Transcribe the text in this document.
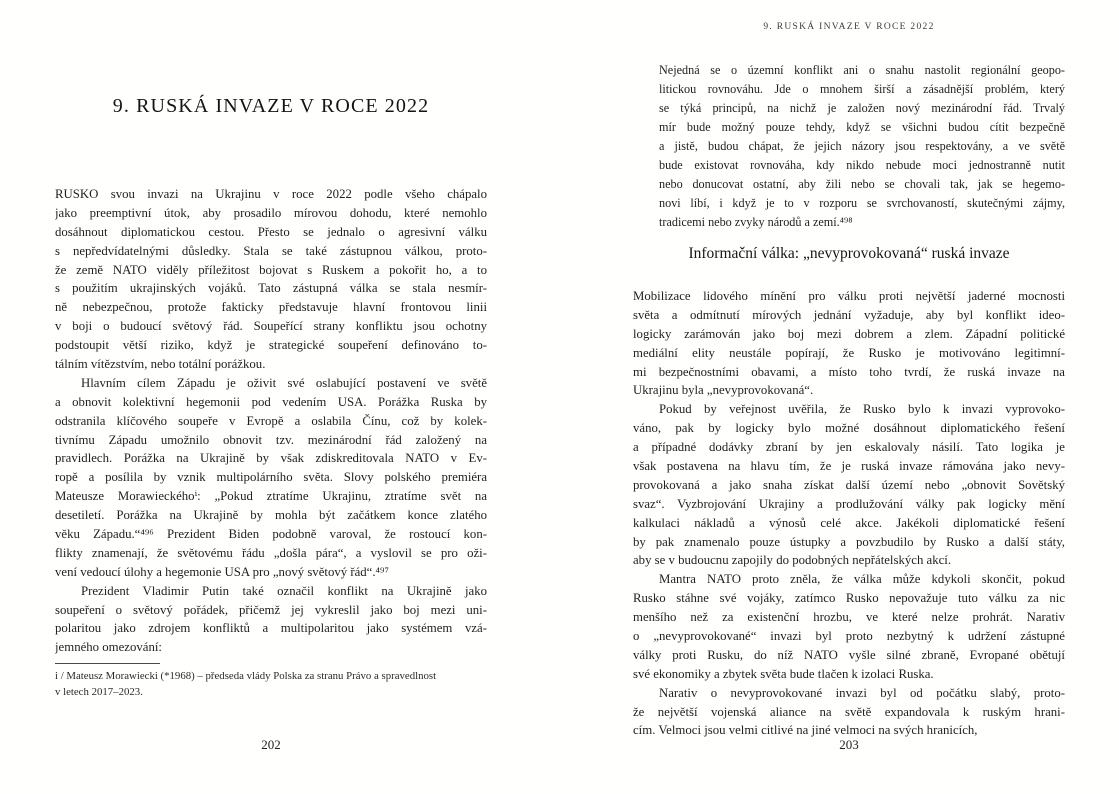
9. RUSKÁ INVAZE V ROCE 2022
RUSKO svou invazi na Ukrajinu v roce 2022 podle všeho chápalo
jako preemptivní útok, aby prosadilo mírovou dohodu, které nemohlo
dosáhnout diplomatickou cestou. Přesto se jednalo o agresivní válku
s nepředvídatelnými důsledky. Stala se také zástupnou válkou, proto-
že země NATO viděly příležitost bojovat s Ruskem a pokořit ho, a to
s použitím ukrajinských vojáků. Tato zástupná válka se stala nesmír-
ně nebezpečnou, protože fakticky představuje hlavní frontovou linii
v boji o budoucí světový řád. Soupeřící strany konfliktu jsou ochotny
podstoupit větší riziko, když je strategické soupeření definováno to-
tálním vítězstvím, nebo totální porážkou.
Hlavním cílem Západu je oživit své oslabující postavení ve světě
a obnovit kolektivní hegemonii pod vedením USA. Porážka Ruska by
odstranila klíčového soupeře v Evropě a oslabila Čínu, což by kolek-
tivnímu Západu umožnilo obnovit tzv. mezinárodní řád založený na
pravidlech. Porážka na Ukrajině by však zdiskreditovala NATO v Ev-
ropě a posílila by vznik multipolárního světa. Slovy polského premiéra
Mateusze Morawieckéhoⁱ: „Pokud ztratíme Ukrajinu, ztratíme svět na
desetiletí. Porážka na Ukrajině by mohla být začátkem konce zlatého
věku Západu.“⁴⁹⁶ Prezident Biden podobně varoval, že rostoucí kon-
flikty znamenají, že světovému řádu „došla pára“, a vyslovil se pro oži-
vení vedoucí úlohy a hegemonie USA pro „nový světový řád“.⁴⁹⁷
Prezident Vladimir Putin také označil konflikt na Ukrajině jako
soupeření o světový pořádek, přičemž jej vykreslil jako boj mezi uni-
polaritou jako zdrojem konfliktů a multipolaritou jako systémem vzá-
jemného omezování:
i / Mateusz Morawiecki (*1968) – předseda vlády Polska za stranu Právo a spravedlnost
v letech 2017–2023.
202
9. RUSKÁ INVAZE V ROCE 2022
Nejedná se o územní konflikt ani o snahu nastolit regionální geopo-
litickou rovnováhu. Jde o mnohem širší a zásadnější problém, který
se týká principů, na nichž je založen nový mezinárodní řád. Trvalý
mír bude možný pouze tehdy, když se všichni budou cítit bezpečně
a jistě, budou chápat, že jejich názory jsou respektovány, a ve světě
bude existovat rovnováha, kdy nikdo nebude moci jednostranně nutit
nebo donucovat ostatní, aby žili nebo se chovali tak, jak se hegemo-
novi líbí, i když je to v rozporu se svrchovaností, skutečnými zájmy,
tradicemi nebo zvyky národů a zemí.⁴⁹⁸
Informační válka: „nevyprovokovaná“ ruská invaze
Mobilizace lidového mínění pro válku proti největší jaderné mocnosti
světa a odmítnutí mírových jednání vyžaduje, aby byl konflikt ideo-
logicky zarámován jako boj mezi dobrem a zlem. Západní politické
mediální elity neustále popírají, že Rusko je motivováno legitimní-
mi bezpečnostními obavami, a místo toho tvrdí, že ruská invaze na
Ukrajinu byla „nevyprovokovaná“.
Pokud by veřejnost uvěřila, že Rusko bylo k invazi vyprovoko-
váno, pak by logicky bylo možné dosáhnout diplomatického řešení
a případné dodávky zbraní by jen eskalovaly násilí. Tato logika je
však postavena na hlavu tím, že je ruská invaze rámována jako nevy-
provokovaná a jako snaha získat další území nebo „obnovit Sovětský
svaz“. Vyzbrojování Ukrajiny a prodlužování války pak logicky mění
kalkulaci nákladů a výnosů celé akce. Jakékoli diplomatické řešení
by pak znamenalo pouze ústupky a povzbudilo by Rusko a další státy,
aby se v budoucnu zapojily do podobných nepřátelských akcí.
Mantra NATO proto zněla, že válka může kdykoli skončit, pokud
Rusko stáhne své vojáky, zatímco Rusko nepovažuje tuto válku za nic
menšího než za existenční hrozbu, ve které nelze prohrát. Narativ
o „nevyprovokované“ invazi byl proto nezbytný k udržení zástupné
války proti Rusku, do níž NATO vyšle silné zbraně, Evropané obětují
své ekonomiky a zbytek světa bude tlačen k izolaci Ruska.
Narativ o nevyprovokované invazi byl od počátku slabý, proto-
že největší vojenská aliance na světě expandovala k ruským hrani-
cím. Velmoci jsou velmi citlivé na jiné velmoci na svých hranicích,
203
